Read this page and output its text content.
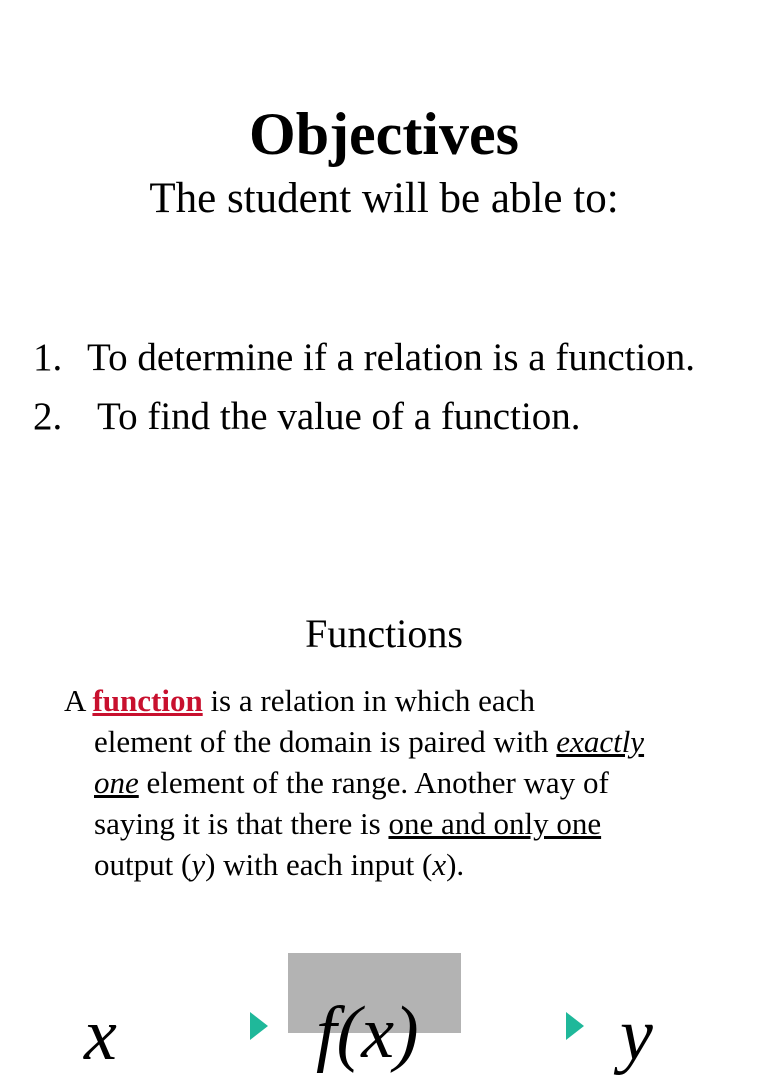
Objectives
The student will be able to:
1. To determine if a relation is a function.
2. To find the value of a function.
Functions
A function is a relation in which each
element of the domain is paired with exactly
one element of the range. Another way of
saying it is that there is one and only one
output (y) with each input (x).
x	f(x)	y
